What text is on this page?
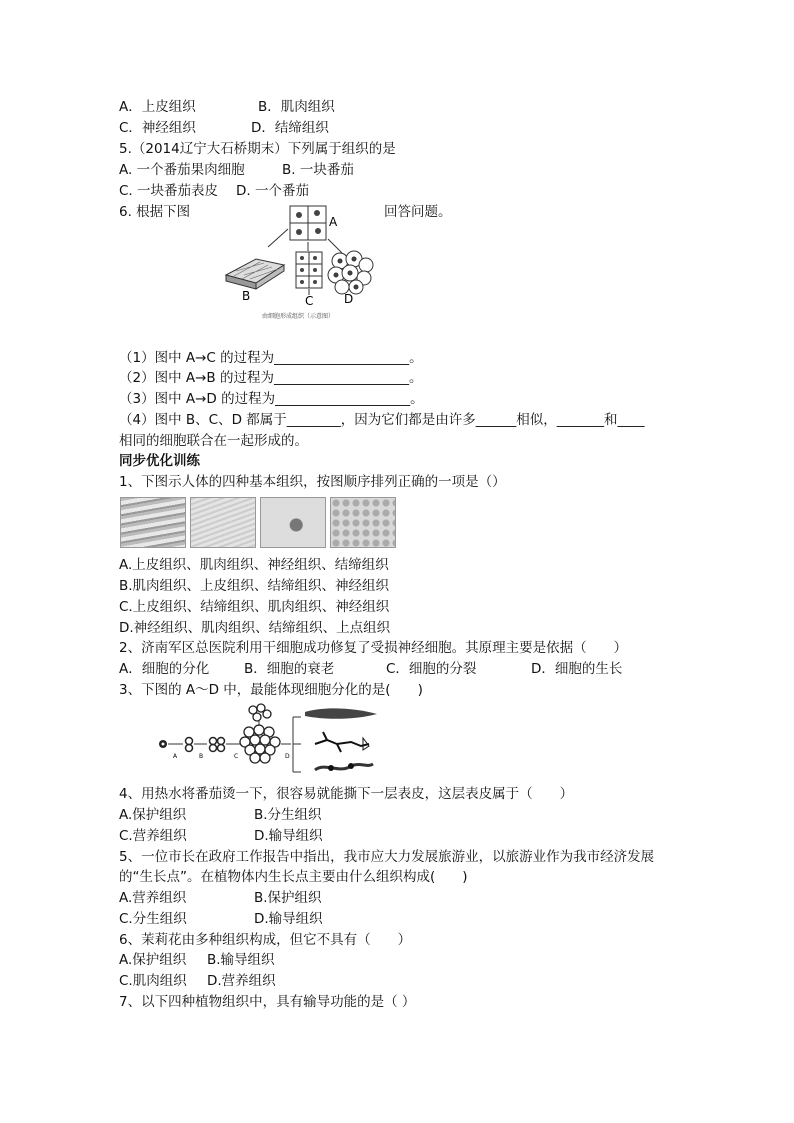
A．上皮组织	B．肌肉组织
C．神经组织	D．结缔组织
5.（2014辽宁大石桥期末）下列属于组织的是
A. 一个番茄果肉细胞	B. 一块番茄
C. 一块番茄表皮 D. 一个番茄
6. 根据下图	回答问题。
A
B	C	D
由细胞形成组织（示意图）
（1）图中 A→C 的过程为____________________。
（2）图中 A→B 的过程为____________________。
（3）图中 A→D 的过程为____________________。
（4）图中 B、C、D 都属于________，因为它们都是由许多______相似，_______和____
相同的细胞联合在一起形成的。
同步优化训练
1、下图示人体的四种基本组织，按图顺序排列正确的一项是（）
A.上皮组织、肌肉组织、神经组织、结缔组织
B.肌肉组织、上皮组织、结缔组织、神经组织
C.上皮组织、结缔组织、肌肉组织、神经组织
D.神经组织、肌肉组织、结缔组织、上点组织
2、济南军区总医院利用干细胞成功修复了受损神经细胞。其原理主要是依据（　　）
A．细胞的分化	B．细胞的衰老	C．细胞的分裂	D．细胞的生长
3、下图的 A～D 中，最能体现细胞分化的是(　　)
A	B	C	D
4、用热水将番茄烫一下，很容易就能撕下一层表皮，这层表皮属于（　　）
A.保护组织	B.分生组织
C.营养组织	D.输导组织
5、一位市长在政府工作报告中指出，我市应大力发展旅游业，以旅游业作为我市经济发展
的“生长点”。在植物体内生长点主要由什么组织构成(　　)
A.营养组织	B.保护组织
C.分生组织	D.输导组织
6、茉莉花由多种组织构成，但它不具有（　　）
A.保护组织 B.输导组织
C.肌肉组织 D.营养组织
7、以下四种植物组织中，具有输导功能的是（ ）
